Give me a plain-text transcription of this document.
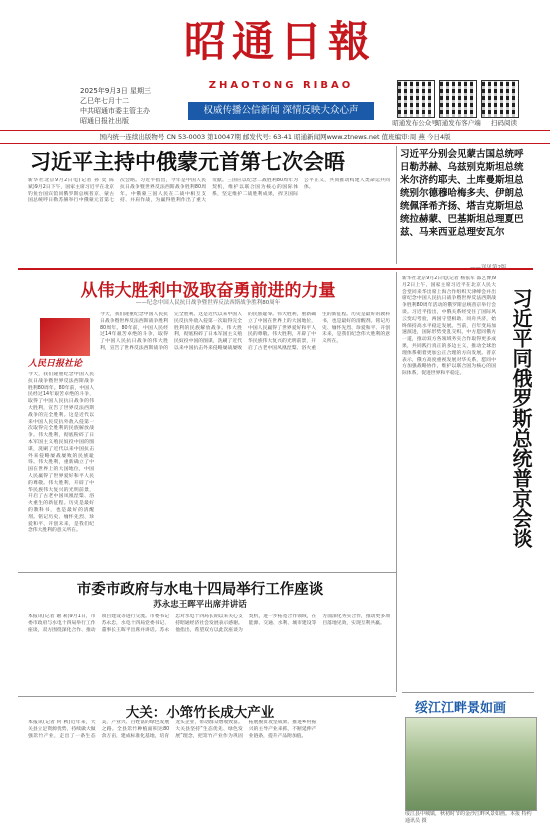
昭通日報
ZHAOTONG RIBAO
权威传播公信新闻 深情反映大众心声
2025年9月3日 星期三
乙巳年七月十二
中共昭通市委主管主办
昭通日报社出版	昭通发布公众号
昭通发布客户端	扫码阅读
国内统一连续出版物号 CN 53-0003 第10047期 邮发代号: 63-41 昭通新闻网www.ztnews.net 值班编审:周 燕 今日4版
习近平主持中俄蒙元首第七次会晤
新华社北京9月2日电(记者 孙 奕 陈 斌)9月2日下午，国家主席习近平在北京钓鱼台国宾馆同俄罗斯总统普京、蒙古国总统呼日勒苏赫举行中俄蒙元首第七次会晤。习近平指出，今年是中国人民抗日战争暨世界反法西斯战争胜利80周年。中俄蒙三国人民在二战中相互支持、并肩作战，为赢得胜利作出了重大贡献。三国应以纪念二战胜利80周年为契机，维护以联合国为核心的国际体系，坚定维护二战胜利成果，捍卫国际公平正义，共同推动构建人类命运共同体。
习近平分别会见蒙古国总统呼日勒苏赫、乌兹别克斯坦总统米尔济约耶夫、土库曼斯坦总统别尔德穆哈梅多夫、伊朗总统佩泽希齐扬、塔吉克斯坦总统拉赫蒙、巴基斯坦总理夏巴兹、马来西亚总理安瓦尔
从伟大胜利中汲取奋勇前进的力量
——纪念中国人民抗日战争暨世界反法西斯战争胜利80周年
人民日报社论
今天，我们隆重纪念中国人民抗日战争暨世界反法西斯战争胜利80周年。80年前，中国人民经过14年艰苦卓绝的斗争，取得了中国人民抗日战争的伟大胜利，宣告了世界反法西斯战争的完全胜利。这是近代以来中国人民反抗外敌入侵第一次取得完全胜利的民族解放战争。伟大胜利，彻底粉碎了日本军国主义殖民奴役中国的图谋，洗刷了近代以来中国抗击外来侵略屡战屡败的民族耻辱。伟大胜利，重新确立了中国在世界上的大国地位，中国人民赢得了世界爱好和平人民的尊敬。伟大胜利，开辟了中华民族伟大复兴的光明前景，开启了古老中国凤凰涅槃、浴火重生的新征程。历史是最好的教科书，也是最好的清醒剂。铭记历史、缅怀先烈、珍爱和平、开创未来，是我们纪念伟大胜利的意义所在。
今天，我们隆重纪念中国人民抗日战争暨世界反法西斯战争胜利80周年。80年前，中国人民经过14年艰苦卓绝的斗争，取得了中国人民抗日战争的伟大胜利，宣告了世界反法西斯战争的完全胜利。这是近代以来中国人民反抗外敌入侵第一次取得完全胜利的民族解放战争。伟大胜利，彻底粉碎了日本军国主义殖民奴役中国的图谋，洗刷了近代以来中国抗击外来侵略屡战屡败的民族耻辱。伟大胜利，重新确立了中国在世界上的大国地位，中国人民赢得了世界爱好和平人民的尊敬。伟大胜利，开辟了中华民族伟大复兴的光明前景，开启了古老中国凤凰涅槃、浴火重生的新征程。历史是最好的教科书，也是最好的清醒剂。铭记历史、缅怀先烈、珍爱和平、开创未来，是我们纪念伟大胜利的意义所在。	习近平同俄罗斯总统普京会谈
新华社北京9月2日电(记者 杨依军 邵艺博)9月2日上午，国家主席习近平在北京人民大会堂同来华出席上海合作组织天津峰会并出席纪念中国人民抗日战争暨世界反法西斯战争胜利80周年活动的俄罗斯总统普京举行会谈。习近平指出，中俄关系经受住了国际风云变幻考验，两国守望相助、同舟共济，始终保持高水平稳定发展。当前，百年变局加速演进，国际形势变乱交织。中方愿同俄方一道，推动双方各领域务实合作取得更多成果，共同践行真正的多边主义，推动全球治理体系朝着更加公正合理的方向发展。普京表示，俄方高度重视发展对华关系，愿同中方加强战略协作，维护以联合国为核心的国际体系，促进世界和平稳定。
市委市政府与水电十四局举行工作座谈
苏永忠王晖平出席并讲话
本报讯(记者 谢 莉)9月1日，市委市政府与水电十四局举行工作座谈，双方围绕深化合作、推动项目建设等进行交流。市委书记苏永忠，水电十四局党委书记、董事长王晖平出席并讲话。苏永忠对水电十四局长期以来关心支持昭通经济社会发展表示感谢。他指出，希望双方以此次座谈为契机，进一步拓宽合作领域，在能源、交通、水利、城市建设等方面深化务实合作，推动更多项目落地见效，实现互利共赢。
大关：小筇竹长成大产业
本报讯(记者 何 秋)近年来，大关县立足资源优势，持续做大做强筇竹产业，走出了一条生态美、产业兴、百姓富的绿色发展之路。全县筇竹种植面积达80余万亩，建成标准化基地，培育龙头企业，带动群众增收致富。大关县坚持“生态优先、绿色发展”理念，把筇竹产业作为巩固拓展脱贫攻坚成果、推进乡村振兴的主导产业来抓，不断延伸产业链条，提升产品附加值。
绥江江畔景如画
绥江县中城镇，秋初时节的金沙江畔风景如画。本报 特约通讯员 摄
